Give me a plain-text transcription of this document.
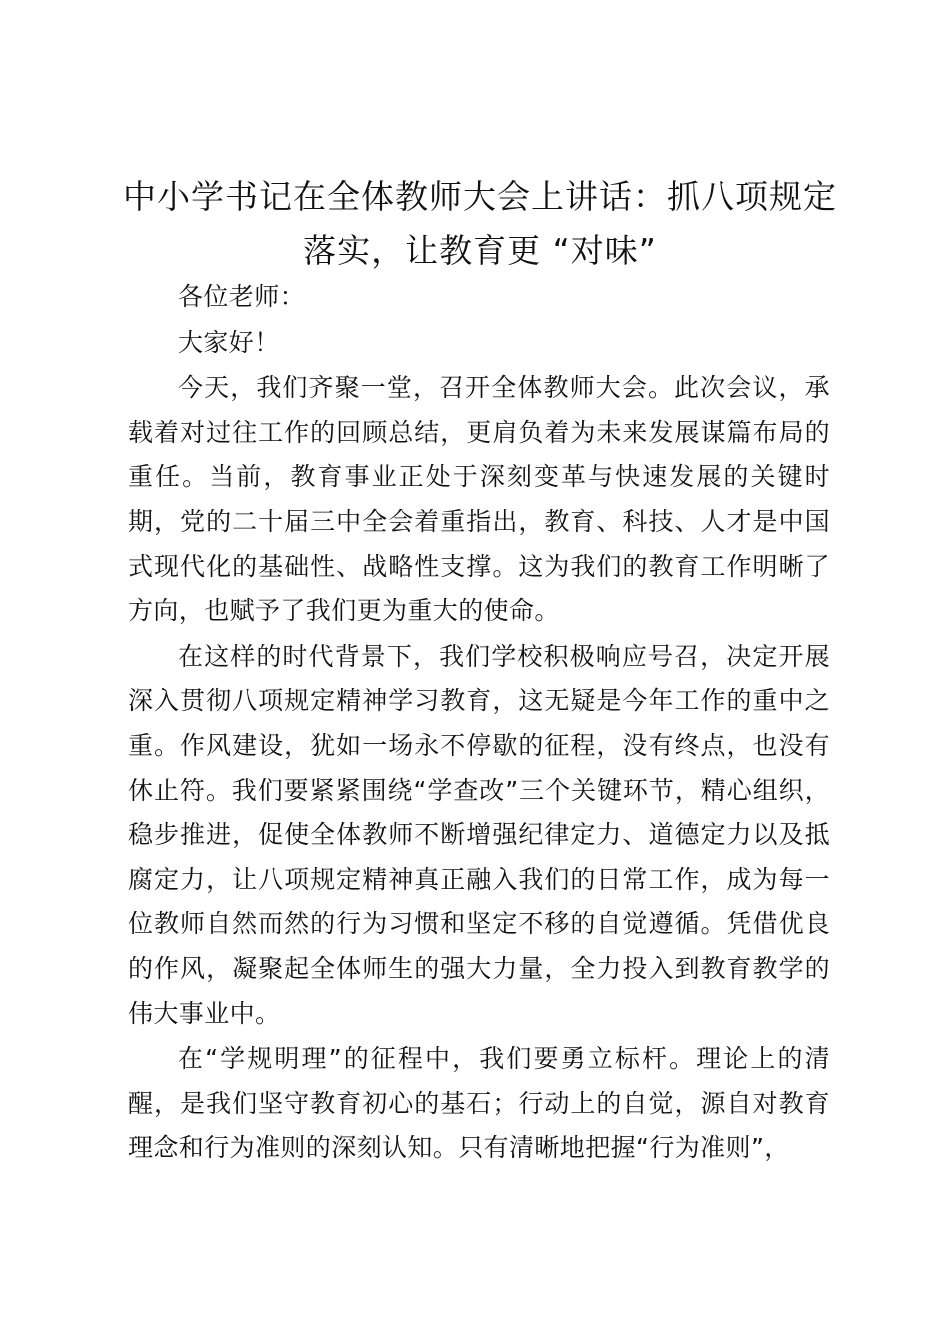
中小学书记在全体教师大会上讲话：抓八项规定落实，让教育更 “对味”

各位老师：

大家好！

今天，我们齐聚一堂，召开全体教师大会。此次会议，承载着对过往工作的回顾总结，更肩负着为未来发展谋篇布局的重任。当前，教育事业正处于深刻变革与快速发展的关键时期，党的二十届三中全会着重指出，教育、科技、人才是中国式现代化的基础性、战略性支撑。这为我们的教育工作明晰了方向，也赋予了我们更为重大的使命。

在这样的时代背景下，我们学校积极响应号召，决定开展深入贯彻八项规定精神学习教育，这无疑是今年工作的重中之重。作风建设，犹如一场永不停歇的征程，没有终点，也没有休止符。我们要紧紧围绕“学查改”三个关键环节，精心组织，稳步推进，促使全体教师不断增强纪律定力、道德定力以及抵腐定力，让八项规定精神真正融入我们的日常工作，成为每一位教师自然而然的行为习惯和坚定不移的自觉遵循。凭借优良的作风，凝聚起全体师生的强大力量，全力投入到教育教学的伟大事业中。

在“学规明理”的征程中，我们要勇立标杆。理论上的清醒，是我们坚守教育初心的基石；行动上的自觉，源自对教育理念和行为准则的深刻认知。只有清晰地把握“行为准则”，
